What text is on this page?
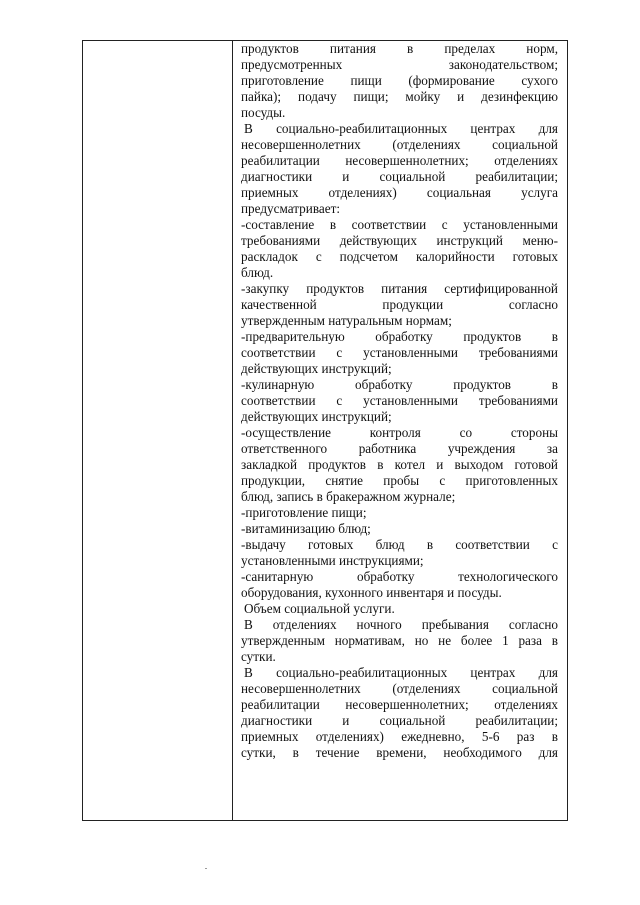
продуктов питания в пределах норм,
предусмотренных законодательством;
приготовление пищи (формирование сухого
пайка); подачу пищи; мойку и дезинфекцию
посуды.
В социально-реабилитационных центрах для
несовершеннолетних (отделениях социальной
реабилитации несовершеннолетних; отделениях
диагностики и социальной реабилитации;
приемных отделениях) социальная услуга
предусматривает:
-составление в соответствии с установленными
требованиями действующих инструкций меню-
раскладок с подсчетом калорийности готовых
блюд.
-закупку продуктов питания сертифицированной
качественной продукции согласно
утвержденным натуральным нормам;
-предварительную обработку продуктов в
соответствии с установленными требованиями
действующих инструкций;
-кулинарную обработку продуктов в
соответствии с установленными требованиями
действующих инструкций;
-осуществление контроля со стороны
ответственного работника учреждения за
закладкой продуктов в котел и выходом готовой
продукции, снятие пробы с приготовленных
блюд, запись в бракеражном журнале;
-приготовление пищи;
-витаминизацию блюд;
-выдачу готовых блюд в соответствии с
установленными инструкциями;
-санитарную обработку технологического
оборудования, кухонного инвентаря и посуды.
Объем социальной услуги.
В отделениях ночного пребывания согласно
утвержденным нормативам, но не более 1 раза в
сутки.
В социально-реабилитационных центрах для
несовершеннолетних (отделениях социальной
реабилитации несовершеннолетних; отделениях
диагностики и социальной реабилитации;
приемных отделениях) ежедневно, 5-6 раз в
сутки, в течение времени, необходимого для
